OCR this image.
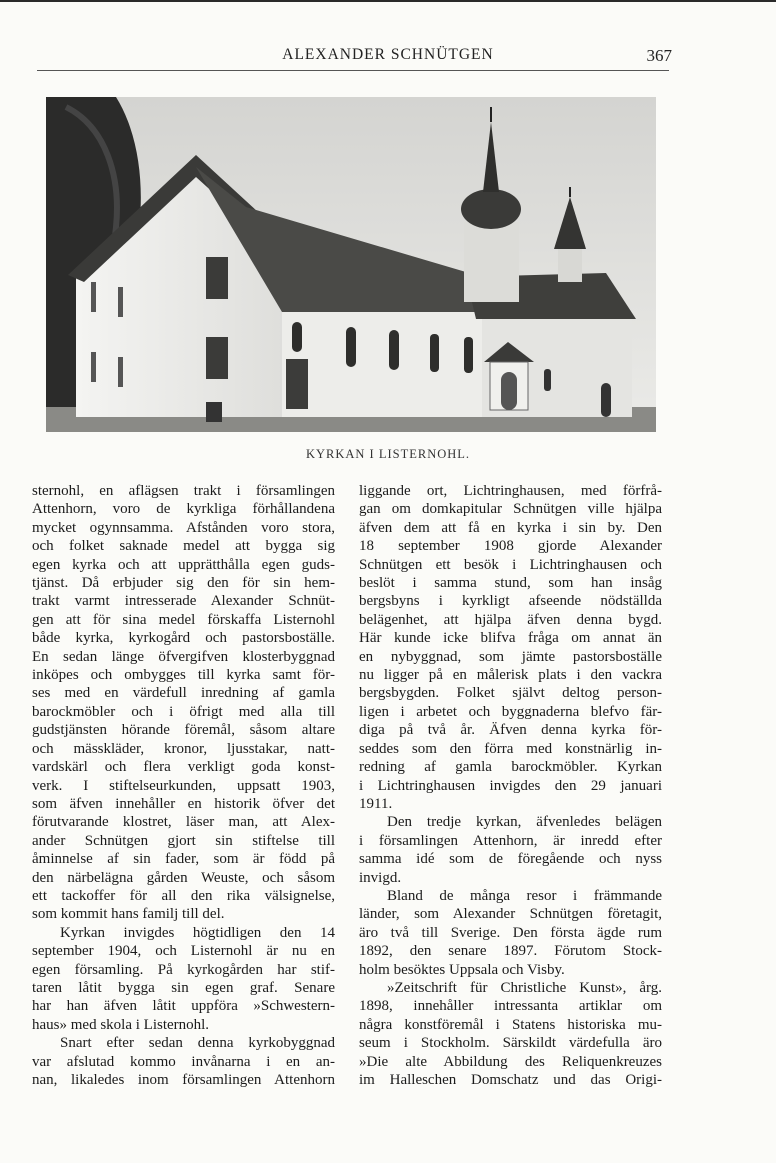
ALEXANDER SCHNÜTGEN	367
KYRKAN I LISTERNOHL.
sternohl, en aflägsen trakt i församlingen
Attenhorn, voro de kyrkliga förhållandena
mycket ogynnsamma. Afstånden voro stora,
och folket saknade medel att bygga sig
egen kyrka och att upprätthålla egen guds-
tjänst. Då erbjuder sig den för sin hem-
trakt varmt intresserade Alexander Schnüt-
gen att för sina medel förskaffa Listernohl
både kyrka, kyrkogård och pastorsboställe.
En sedan länge öfvergifven klosterbyggnad
inköpes och ombygges till kyrka samt för-
ses med en värdefull inredning af gamla
barockmöbler och i öfrigt med alla till
gudstjänsten hörande föremål, såsom altare
och mässkläder, kronor, ljusstakar, natt-
vardskärl och flera verkligt goda konst-
verk. I stiftelseurkunden, uppsatt 1903,
som äfven innehåller en historik öfver det
förutvarande klostret, läser man, att Alex-
ander Schnütgen gjort sin stiftelse till
åminnelse af sin fader, som är född på
den närbelägna gården Weuste, och såsom
ett tackoffer för all den rika välsignelse,
som kommit hans familj till del.
Kyrkan invigdes högtidligen den 14
september 1904, och Listernohl är nu en
egen församling. På kyrkogården har stif-
taren låtit bygga sin egen graf. Senare
har han äfven låtit uppföra »Schwestern-
haus» med skola i Listernohl.
Snart efter sedan denna kyrkobyggnad
var afslutad kommo invånarna i en an-
nan, likaledes inom församlingen Attenhorn
liggande ort, Lichtringhausen, med förfrå-
gan om domkapitular Schnütgen ville hjälpa
äfven dem att få en kyrka i sin by. Den
18 september 1908 gjorde Alexander
Schnütgen ett besök i Lichtringhausen och
beslöt i samma stund, som han insåg
bergsbyns i kyrkligt afseende nödställda
belägenhet, att hjälpa äfven denna bygd.
Här kunde icke blifva fråga om annat än
en nybyggnad, som jämte pastorsboställe
nu ligger på en målerisk plats i den vackra
bergsbygden. Folket självt deltog person-
ligen i arbetet och byggnaderna blefvo fär-
diga på två år. Äfven denna kyrka för-
seddes som den förra med konstnärlig in-
redning af gamla barockmöbler. Kyrkan
i Lichtringhausen invigdes den 29 januari
1911.
Den tredje kyrkan, äfvenledes belägen
i församlingen Attenhorn, är inredd efter
samma idé som de föregående och nyss
invigd.
Bland de många resor i främmande
länder, som Alexander Schnütgen företagit,
äro två till Sverige. Den första ägde rum
1892, den senare 1897. Förutom Stock-
holm besöktes Uppsala och Visby.
»Zeitschrift für Christliche Kunst», årg.
1898, innehåller intressanta artiklar om
några konstföremål i Statens historiska mu-
seum i Stockholm. Särskildt värdefulla äro
»Die alte Abbildung des Reliquenkreuzes
im Halleschen Domschatz und das Origi-
